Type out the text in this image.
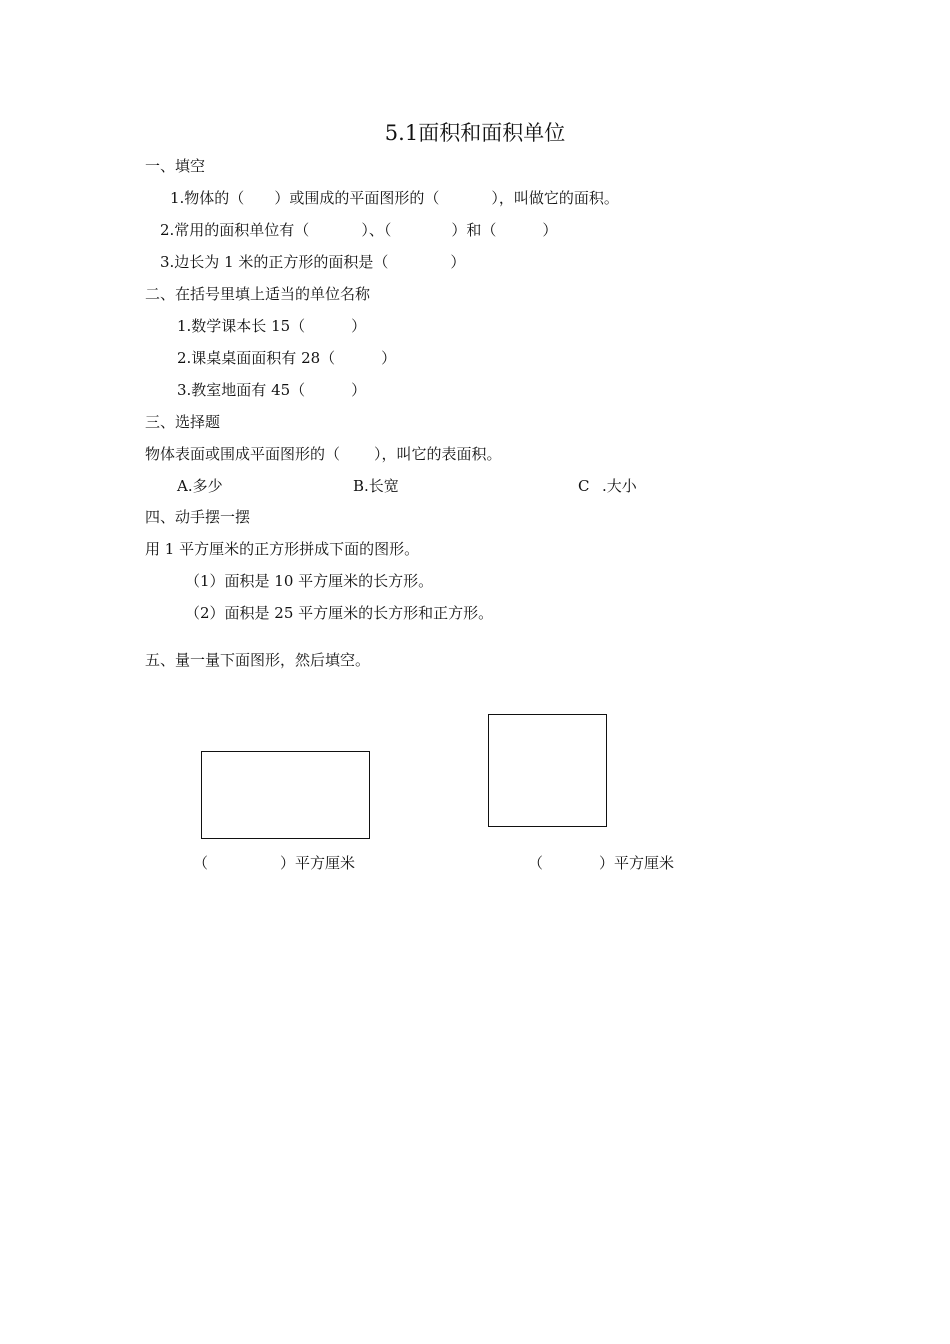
5.1面积和面积单位
一、填空
1.物体的（ ）或围成的平面图形的（	），叫做它的面积。
2.常用的面积单位有（	）、（	）和（	）
3.边长为 1 米的正方形的面积是（	）
二、在括号里填上适当的单位名称
1.数学课本长 15（	）
2.课桌桌面面积有 28（	）
3.教室地面有 45（	）
三、选择题
物体表面或围成平面图形的（ ），叫它的表面积。
A.多少	B.长宽	C .大小
四、动手摆一摆
用 1 平方厘米的正方形拼成下面的图形。
（1）面积是 10 平方厘米的长方形。
（2）面积是 25 平方厘米的长方形和正方形。
五、量一量下面图形，然后填空。
（	）平方厘米	（	）平方厘米
